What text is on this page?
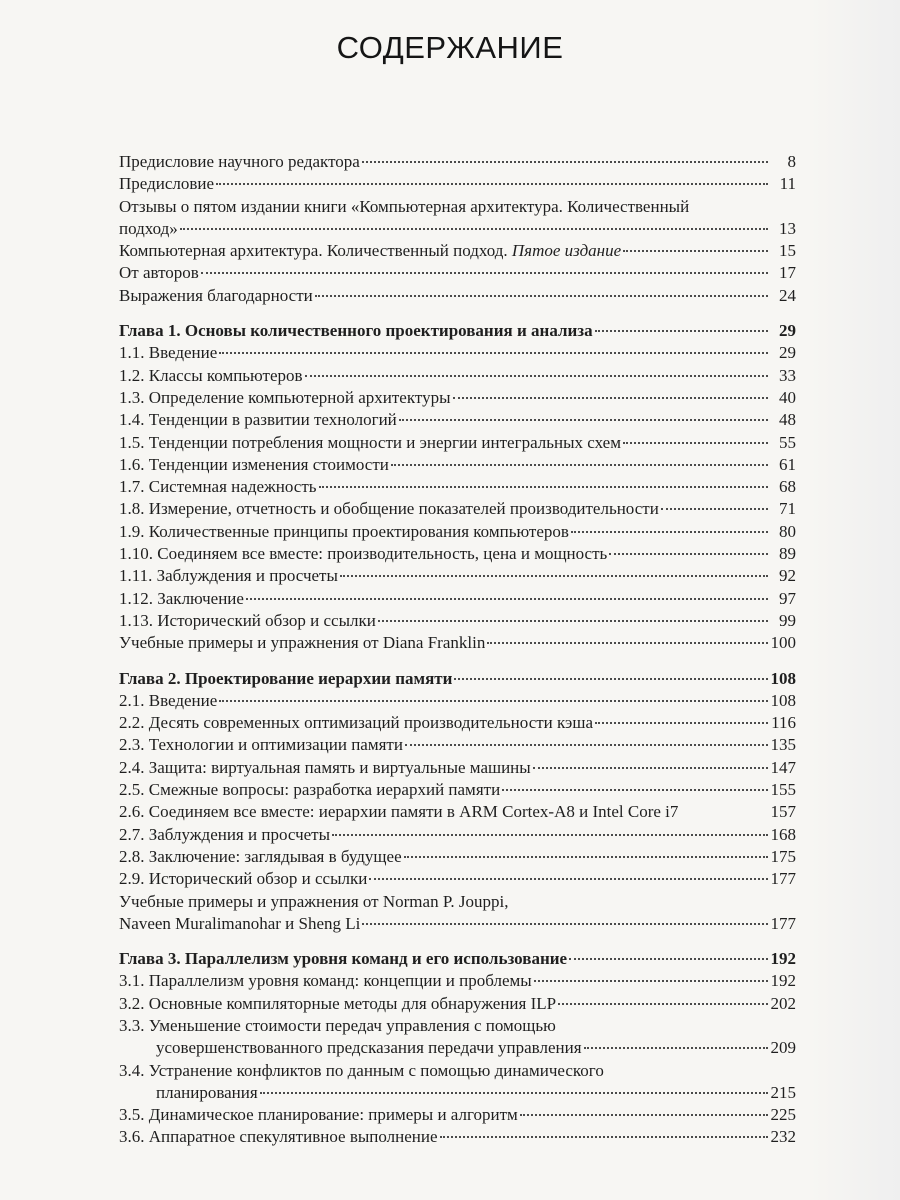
СОДЕРЖАНИЕ
Предисловие научного редактора	8
Предисловие	11
Отзывы о пятом издании книги «Компьютерная архитектура. Количественный
подход»	13
Компьютерная архитектура. Количественный подход. Пятое издание	15
От авторов	17
Выражения благодарности	24
Глава 1. Основы количественного проектирования и анализа	29
1.1. Введение	29
1.2. Классы компьютеров	33
1.3. Определение компьютерной архитектуры	40
1.4. Тенденции в развитии технологий	48
1.5. Тенденции потребления мощности и энергии интегральных схем	55
1.6. Тенденции изменения стоимости	61
1.7. Системная надежность	68
1.8. Измерение, отчетность и обобщение показателей производительности	71
1.9. Количественные принципы проектирования компьютеров	80
1.10. Соединяем все вместе: производительность, цена и мощность	89
1.11. Заблуждения и просчеты	92
1.12. Заключение	97
1.13. Исторический обзор и ссылки	99
Учебные примеры и упражнения от Diana Franklin	100
Глава 2. Проектирование иерархии памяти	108
2.1. Введение	108
2.2. Десять современных оптимизаций производительности кэша	116
2.3. Технологии и оптимизации памяти	135
2.4. Защита: виртуальная память и виртуальные машины	147
2.5. Смежные вопросы: разработка иерархий памяти	155
2.6. Соединяем все вместе: иерархии памяти в ARM Cortex-A8 и Intel Core i7	157
2.7. Заблуждения и просчеты	168
2.8. Заключение: заглядывая в будущее	175
2.9. Исторический обзор и ссылки	177
Учебные примеры и упражнения от Norman P. Jouppi,
Naveen Muralimanohar и Sheng Li	177
Глава 3. Параллелизм уровня команд и его использование	192
3.1. Параллелизм уровня команд: концепции и проблемы	192
3.2. Основные компиляторные методы для обнаружения ILP	202
3.3. Уменьшение стоимости передач управления с помощью
усовершенствованного предсказания передачи управления	209
3.4. Устранение конфликтов по данным с помощью динамического
планирования	215
3.5. Динамическое планирование: примеры и алгоритм	225
3.6. Аппаратное спекулятивное выполнение	232
